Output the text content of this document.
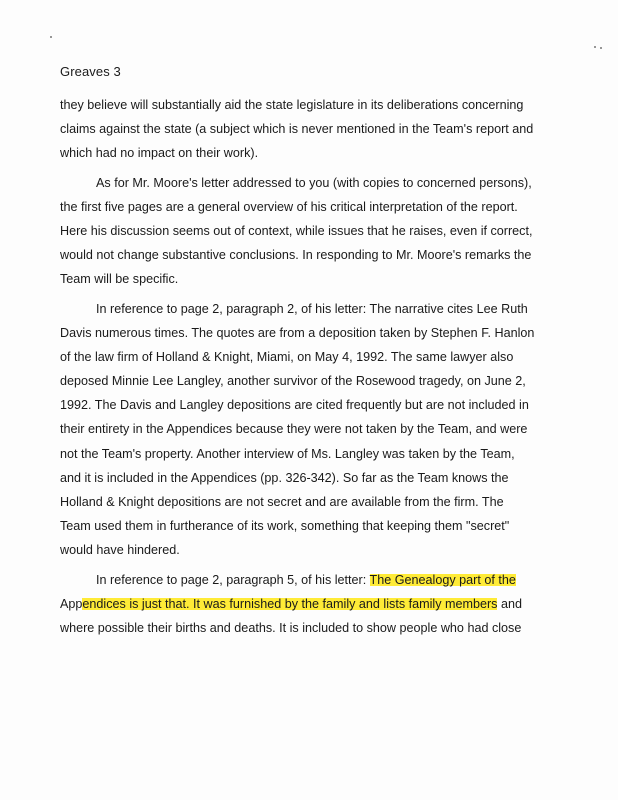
Greaves 3
they believe will substantially aid the state legislature in its deliberations concerning
claims against the state (a subject which is never mentioned in the Team's report and
which had no impact on their work).
As for Mr. Moore's letter addressed to you (with copies to concerned persons),
the first five pages are a general overview of his critical interpretation of the report.
Here his discussion seems out of context, while issues that he raises, even if correct,
would not change substantive conclusions. In responding to Mr. Moore's remarks the
Team will be specific.
In reference to page 2, paragraph 2, of his letter: The narrative cites Lee Ruth
Davis numerous times. The quotes are from a deposition taken by Stephen F. Hanlon
of the law firm of Holland & Knight, Miami, on May 4, 1992. The same lawyer also
deposed Minnie Lee Langley, another survivor of the Rosewood tragedy, on June 2,
1992. The Davis and Langley depositions are cited frequently but are not included in
their entirety in the Appendices because they were not taken by the Team, and were
not the Team's property. Another interview of Ms. Langley was taken by the Team,
and it is included in the Appendices (pp. 326-342). So far as the Team knows the
Holland & Knight depositions are not secret and are available from the firm. The
Team used them in furtherance of its work, something that keeping them "secret"
would have hindered.
In reference to page 2, paragraph 5, of his letter: The Genealogy part of the
Appendices is just that. It was furnished by the family and lists family members and
where possible their births and deaths. It is included to show people who had close
